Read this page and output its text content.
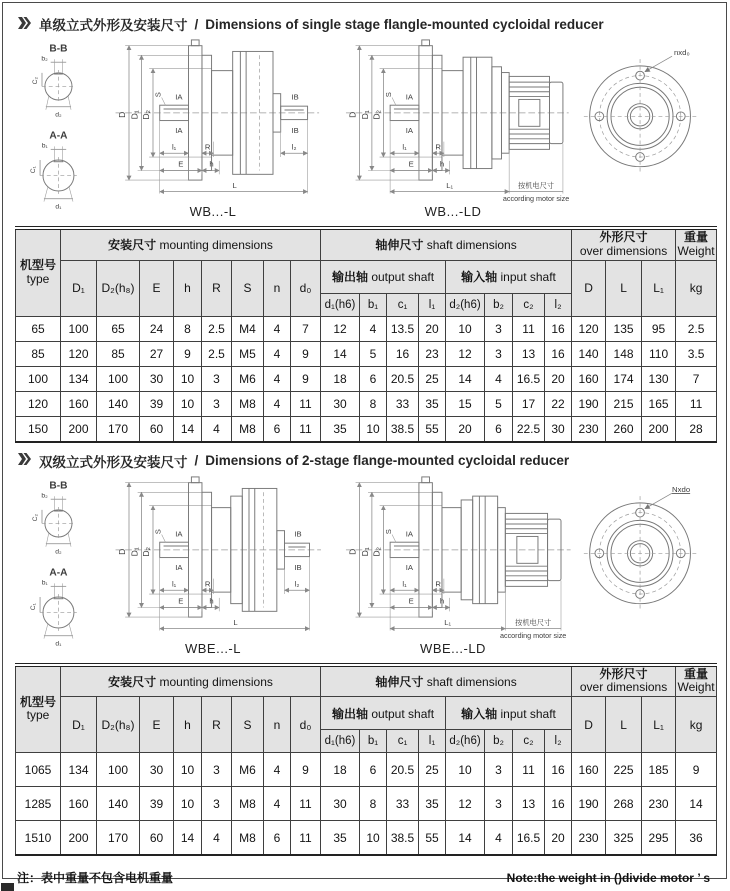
单级立式外形及安装尺寸 / Dimensions of single stage flangle-mounted cycloidal reducer
B-B
b₂
C₂
d₂
A-A
b₁
C₁
d₁
D D₁ D₂
S IA
IA
IB
IB
l₁	R	l₂
E	h
L
WB...-L
D D₁ D₂
S IA
IA
l₁	R
E	h
L₁	按机电尺寸
according motor size
WB...-LD
nxd₀
机型号
type
	安装尺寸 mounting dimensions	轴伸尺寸 shaft dimensions	
外形尺寸
over dimensions

重量
Weight

	D₁	D₂(h₈)	E	h	R	S	n	d₀	输出轴 output shaft				输入轴 input shaft				D	L	L₁	kg
									d₁(h6)	b₁	c₁	l₁	d₂(h6)	b₂	c₂	l₂				
65	100	65	24	8	2.5	M4	4	7	12	4	13.5	20	10	3	11	16	120	135	95	2.5
85	120	85	27	9	2.5	M5	4	9	14	5	16	23	12	3	13	16	140	148	110	3.5
100	134	100	30	10	3	M6	4	9	18	6	20.5	25	14	4	16.5	20	160	174	130	7
120	160	140	39	10	3	M8	4	11	30	8	33	35	15	5	17	22	190	215	165	11
150	200	170	60	14	4	M8	6	11	35	10	38.5	55	20	6	22.5	30	230	260	200	28
双级立式外形及安装尺寸 / Dimensions of 2-stage flange-mounted cycloidal reducer
B-B
b₂
C₂
d₂
A-A
b₁
C₁
d₁
D D₁ D₂
S IA
IA
IB
IB
l₁	R	l₂
E	h
L
WBE...-L
D D₁ D₂
S IA
IA
l₁	R
E	h
L₁	按机电尺寸
according motor size
WBE...-LD
Nxdo
机型号
type
	安装尺寸 mounting dimensions	轴伸尺寸 shaft dimensions	
外形尺寸
over dimensions

重量
Weight

	D₁	D₂(h₈)	E	h	R	S	n	d₀	输出轴 output shaft				输入轴 input shaft				D	L	L₁	kg
									d₁(h6)	b₁	c₁	l₁	d₂(h6)	b₂	c₂	l₂				
1065	134	100	30	10	3	M6	4	9	18	6	20.5	25	10	3	11	16	160	225	185	9
1285	160	140	39	10	3	M8	4	11	30	8	33	35	12	3	13	16	190	268	230	14
1510	200	170	60	14	4	M8	6	11	35	10	38.5	55	14	4	16.5	20	230	325	295	36
注：表中重量不包含电机重量	Note:the weight in ()divide motor ’ s
